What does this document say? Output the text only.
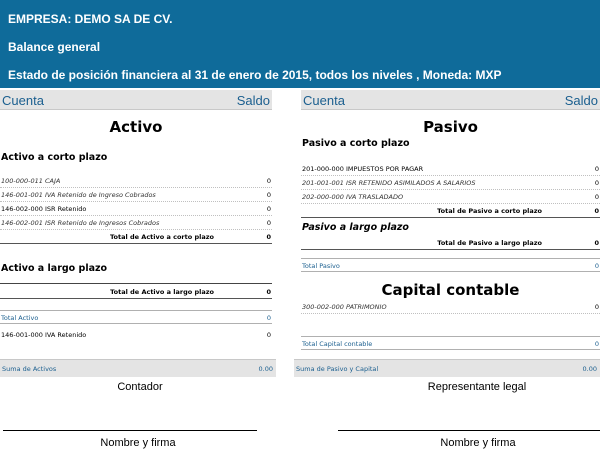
EMPRESA: DEMO SA DE CV.
Balance general
Estado de posición financiera al 31 de enero de 2015, todos los niveles , Moneda: MXP
Cuenta	Saldo
Activo
Activo a corto plazo
100-000-011 CAJA	0
146-001-001 IVA Retenido de Ingreso Cobrados	0
146-002-000 ISR Retenido	0
146-002-001 ISR Retenido de Ingresos Cobrados	0
Total de Activo a corto plazo	0
Activo a largo plazo
Total de Activo a largo plazo	0
Total Activo	0
146-001-000 IVA Retenido	0
Cuenta	Saldo
Pasivo
Pasivo a corto plazo
201-000-000 IMPUESTOS POR PAGAR	0
201-001-001 ISR RETENIDO ASIMILADOS A SALARIOS	0
202-000-000 IVA TRASLADADO	0
Total de Pasivo a corto plazo	0
Pasivo a largo plazo
Total de Pasivo a largo plazo	0
Total Pasivo	0
Capital contable
300-002-000 PATRIMONIO	0
Total Capital contable	0
Suma de Activos	0.00	Suma de Pasivo y Capital	0.00
Contador	Representante legal
Nombre y firma	Nombre y firma
